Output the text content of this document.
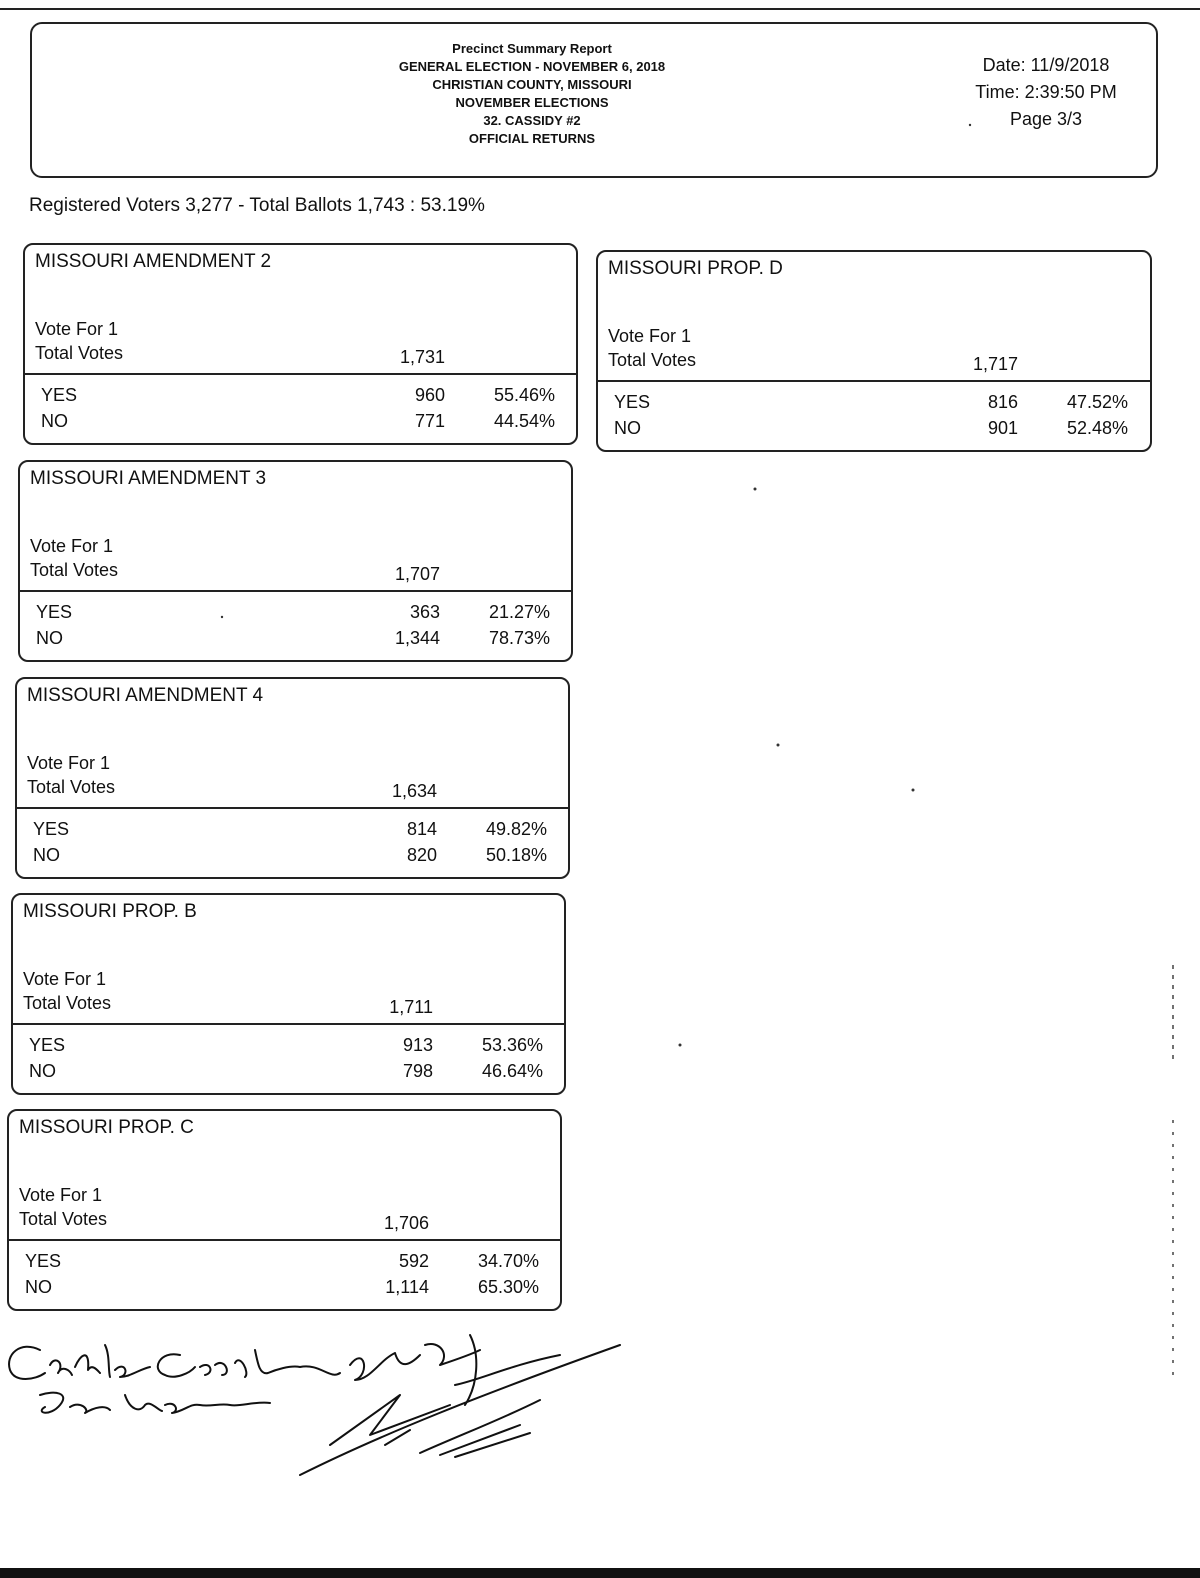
Precinct Summary Report
GENERAL ELECTION - NOVEMBER 6, 2018
CHRISTIAN COUNTY, MISSOURI
NOVEMBER ELECTIONS
32. CASSIDY #2
OFFICIAL RETURNS
Date: 11/9/2018
Time: 2:39:50 PM
Page 3/3
Registered Voters 3,277 - Total Ballots 1,743 : 53.19%
MISSOURI AMENDMENT 2
Vote For 1
Total Votes	1,731
YES	960	55.46%
NO	771	44.54%
MISSOURI AMENDMENT 3
Vote For 1
Total Votes	1,707
YES	363	21.27%
NO	1,344	78.73%
MISSOURI AMENDMENT 4
Vote For 1
Total Votes	1,634
YES	814	49.82%
NO	820	50.18%
MISSOURI PROP. B
Vote For 1
Total Votes	1,711
YES	913	53.36%
NO	798	46.64%
MISSOURI PROP. C
Vote For 1
Total Votes	1,706
YES	592	34.70%
NO	1,114	65.30%
MISSOURI PROP. D
Vote For 1
Total Votes	1,717
YES	816	47.52%
NO	901	52.48%
